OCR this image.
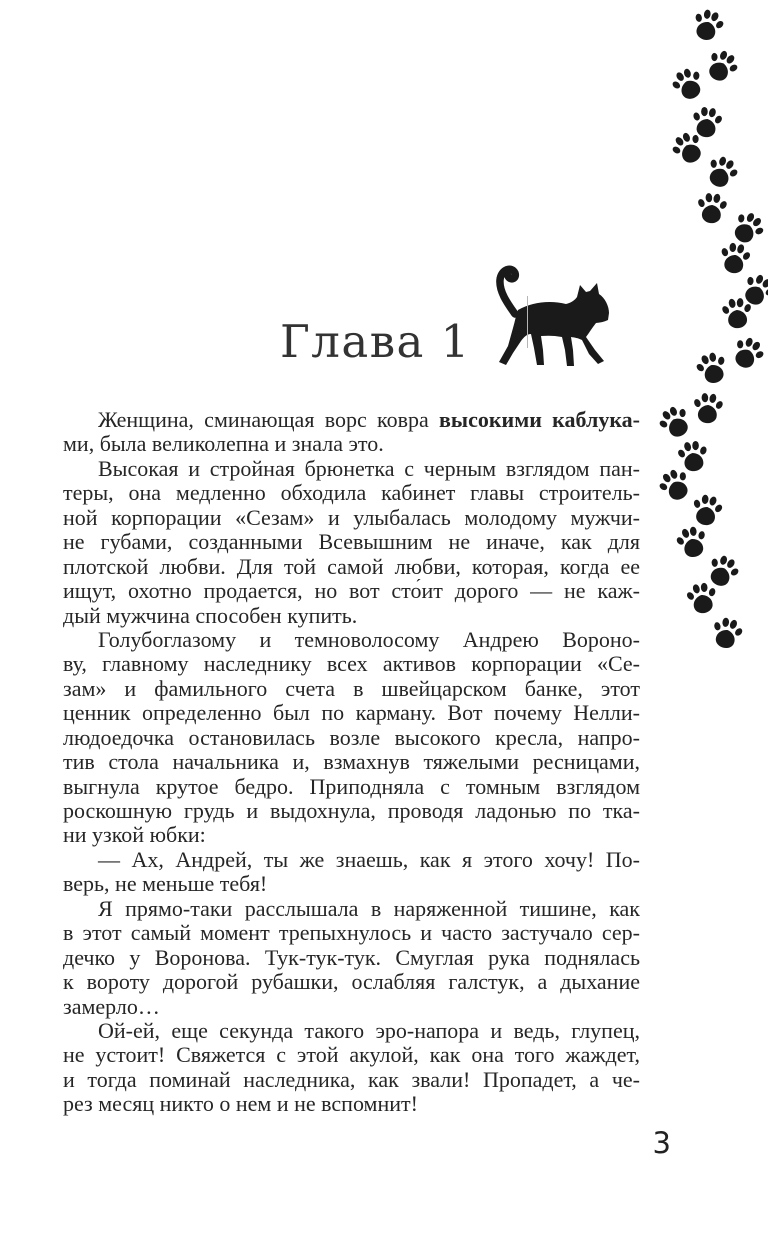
Глава 1
Женщина, сминающая ворс ковра высокими каблука-
ми, была великолепна и знала это.
Высокая и стройная брюнетка с черным взглядом пан-
теры, она медленно обходила кабинет главы строитель-
ной корпорации «Сезам» и улыбалась молодому мужчи-
не губами, созданными Всевышним не иначе, как для
плотской любви. Для той самой любви, которая, когда ее
ищут, охотно продается, но вот сто́ит дорого — не каж-
дый мужчина способен купить.
Голубоглазому и темноволосому Андрею Вороно-
ву, главному наследнику всех активов корпорации «Се-
зам» и фамильного счета в швейцарском банке, этот
ценник определенно был по карману. Вот почему Нелли-
людоедочка остановилась возле высокого кресла, напро-
тив стола начальника и, взмахнув тяжелыми ресницами,
выгнула крутое бедро. Приподняла с томным взглядом
роскошную грудь и выдохнула, проводя ладонью по тка-
ни узкой юбки:
— Ах, Андрей, ты же знаешь, как я этого хочу! По-
верь, не меньше тебя!
Я прямо-таки расслышала в наряженной тишине, как
в этот самый момент трепыхнулось и часто застучало сер-
дечко у Воронова. Тук-тук-тук. Смуглая рука поднялась
к вороту дорогой рубашки, ослабляя галстук, а дыхание
замерло…
Ой-ей, еще секунда такого эро-напора и ведь, глупец,
не устоит! Свяжется с этой акулой, как она того жаждет,
и тогда поминай наследника, как звали! Пропадет, а че-
рез месяц никто о нем и не вспомнит!
3
